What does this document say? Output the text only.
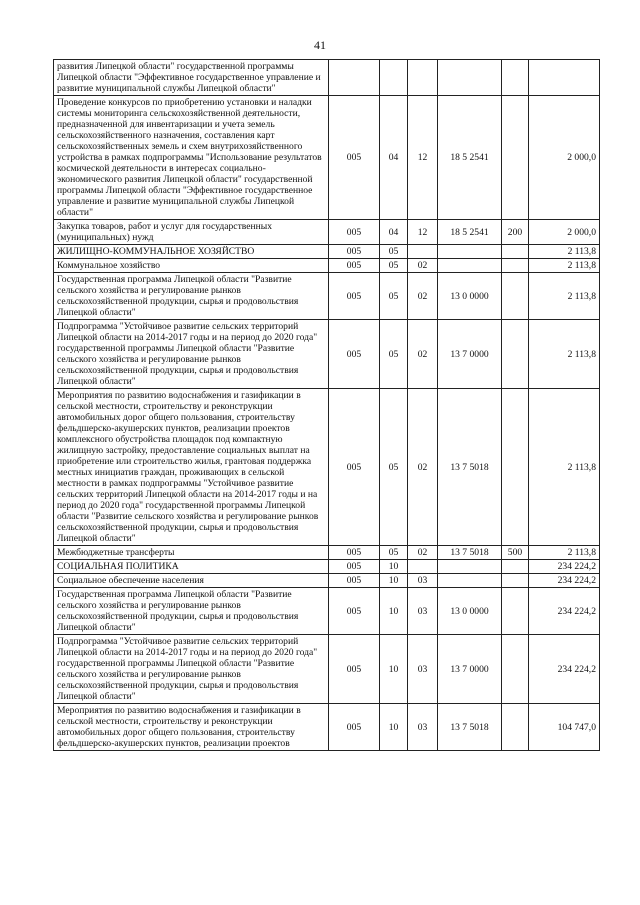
41
развития Липецкой области" государственной программы Липецкой области "Эффективное государственное управление и развитие муниципальной службы Липецкой области"						
Проведение конкурсов по приобретению установки и наладки системы мониторинга сельскохозяйственной деятельности, предназначенной для инвентаризации и учета земель сельскохозяйственного назначения, составления карт сельскохозяйственных земель и схем внутрихозяйственного устройства в рамках подпрограммы "Использование результатов космической деятельности в интересах социально-экономического развития Липецкой области" государственной программы Липецкой области "Эффективное государственное управление и развитие муниципальной службы Липецкой области"	005	04	12	18 5 2541		2 000,0
Закупка товаров, работ и услуг для государственных (муниципальных) нужд	005	04	12	18 5 2541	200	2 000,0
ЖИЛИЩНО-КОММУНАЛЬНОЕ ХОЗЯЙСТВО	005	05				2 113,8
Коммунальное хозяйство	005	05	02			2 113,8
Государственная программа Липецкой области "Развитие сельского хозяйства и регулирование рынков сельскохозяйственной продукции, сырья и продовольствия Липецкой области"	005	05	02	13 0 0000		2 113,8
Подпрограмма "Устойчивое развитие сельских территорий Липецкой области на 2014-2017 годы и на период до 2020 года" государственной программы Липецкой области "Развитие сельского хозяйства и регулирование рынков сельскохозяйственной продукции, сырья и продовольствия Липецкой области"	005	05	02	13 7 0000		2 113,8
Мероприятия по развитию водоснабжения и газификации в сельской местности, строительству и реконструкции автомобильных дорог общего пользования, строительству фельдшерско-акушерских пунктов, реализации проектов комплексного обустройства площадок под компактную жилищную застройку, предоставление социальных выплат на приобретение или строительство жилья, грантовая поддержка местных инициатив граждан, проживающих в сельской местности в рамках подпрограммы "Устойчивое развитие сельских территорий Липецкой области на 2014-2017 годы и на период до 2020 года" государственной программы Липецкой области "Развитие сельского хозяйства и регулирование рынков сельскохозяйственной продукции, сырья и продовольствия Липецкой области"	005	05	02	13 7 5018		2 113,8
Межбюджетные трансферты	005	05	02	13 7 5018	500	2 113,8
СОЦИАЛЬНАЯ ПОЛИТИКА	005	10				234 224,2
Социальное обеспечение населения	005	10	03			234 224,2
Государственная программа Липецкой области "Развитие сельского хозяйства и регулирование рынков сельскохозяйственной продукции, сырья и продовольствия Липецкой области"	005	10	03	13 0 0000		234 224,2
Подпрограмма "Устойчивое развитие сельских территорий Липецкой области на 2014-2017 годы и на период до 2020 года" государственной программы Липецкой области "Развитие сельского хозяйства и регулирование рынков сельскохозяйственной продукции, сырья и продовольствия Липецкой области"	005	10	03	13 7 0000		234 224,2
Мероприятия по развитию водоснабжения и газификации в сельской местности, строительству и реконструкции автомобильных дорог общего пользования, строительству фельдшерско-акушерских пунктов, реализации проектов	005	10	03	13 7 5018		104 747,0
